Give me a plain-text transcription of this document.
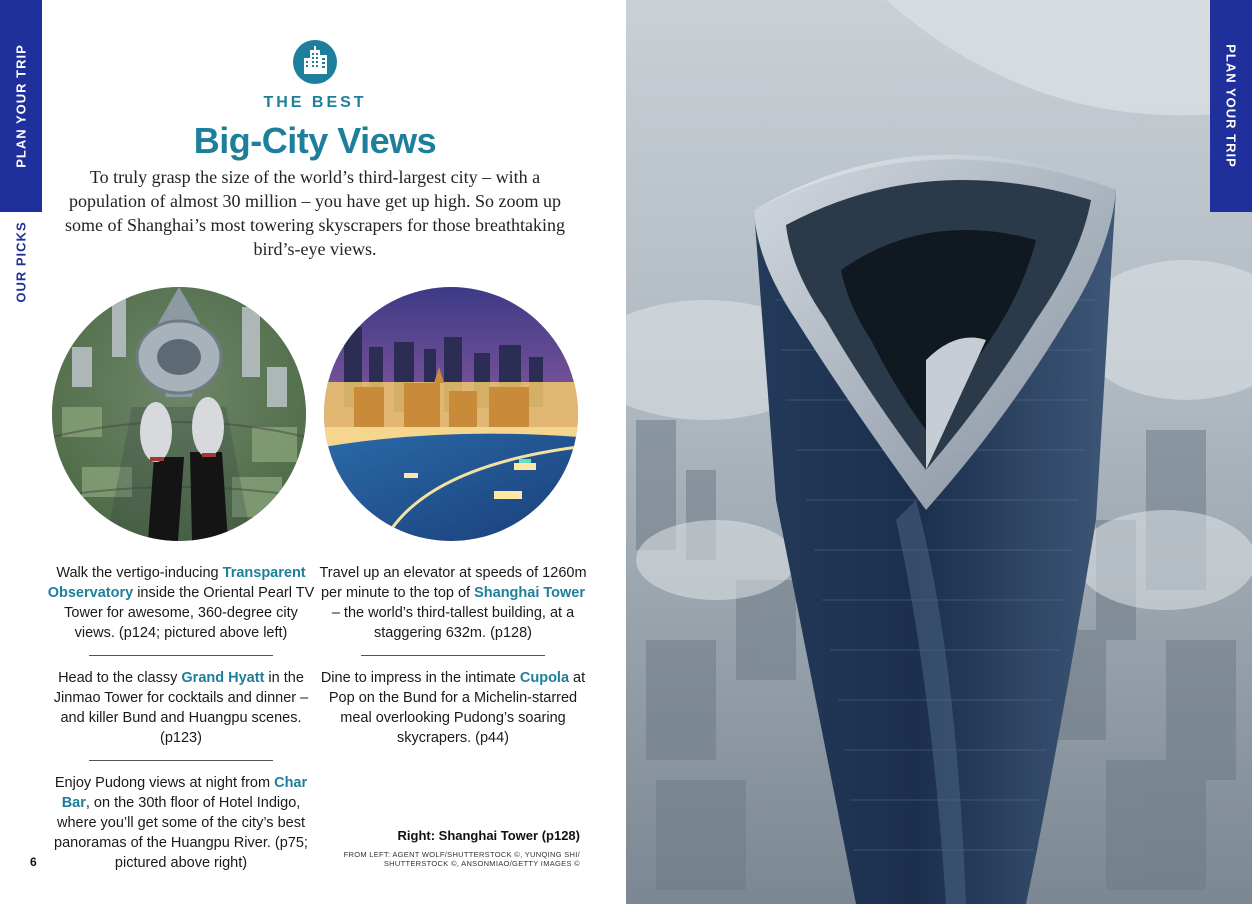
PLAN YOUR TRIP
OUR PICKS
THE BEST
Big-City Views

To truly grasp the size of the world’s third-largest city – with a population of almost 30 million – you have get up high. So zoom up some of Shanghai’s most towering skyscrapers for those breathtaking bird’s-eye views.

Walk the vertigo-inducing Transparent Observatory inside the Oriental Pearl TV Tower for awesome, 360-degree city views. (p124; pictured above left)

Head to the classy Grand Hyatt in the Jinmao Tower for cocktails and dinner – and killer Bund and Huangpu scenes. (p123)

Enjoy Pudong views at night from Char Bar, on the 30th floor of Hotel Indigo, where you’ll get some of the city’s best panoramas of the Huangpu River. (p75; pictured above right)

Travel up an elevator at speeds of 1260m per minute to the top of Shanghai Tower – the world’s third-tallest building, at a staggering 632m. (p128)

Dine to impress in the intimate Cupola at Pop on the Bund for a Michelin-starred meal overlooking Pudong’s soaring skycrapers. (p44)

Right: Shanghai Tower (p128)
FROM LEFT: AGENT WOLF/SHUTTERSTOCK ©, YUNQING SHI/ SHUTTERSTOCK ©, ANSONMIAO/GETTY IMAGES ©
6
PLAN YOUR TRIP
